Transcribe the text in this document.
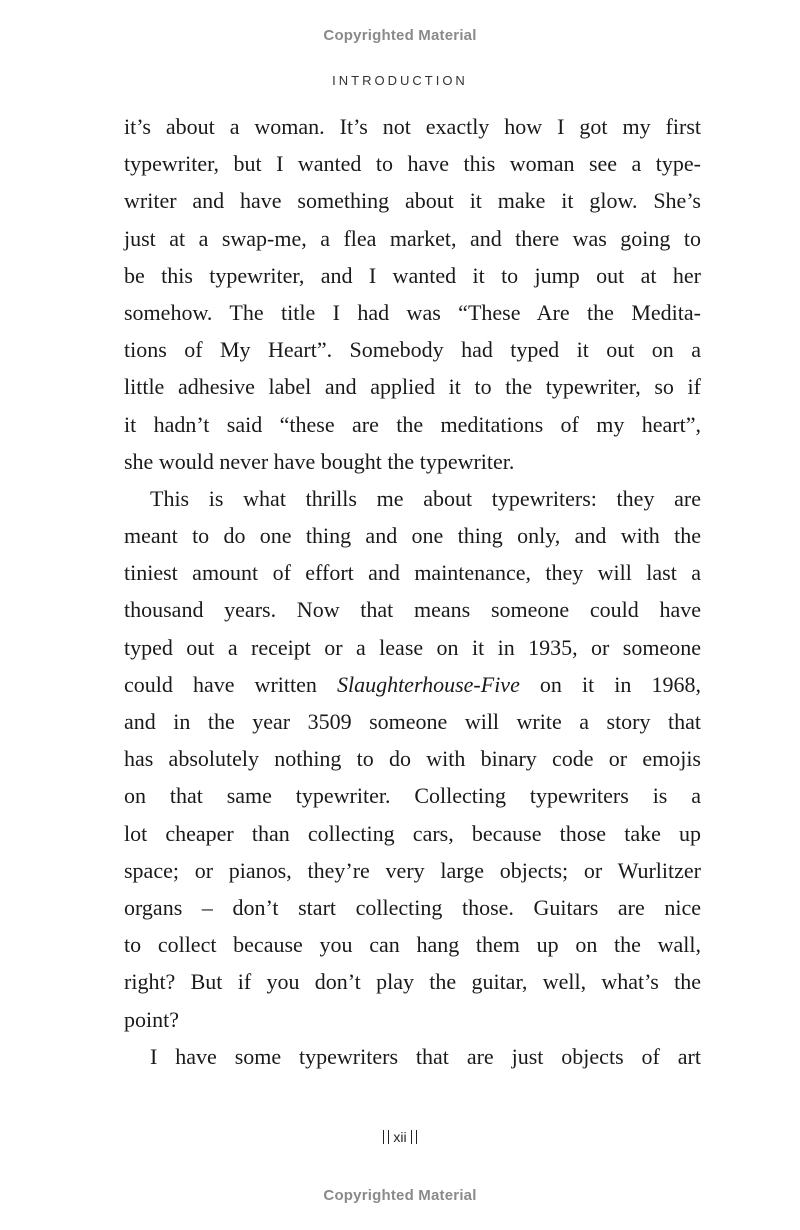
Copyrighted Material
INTRODUCTION
it’s about a woman. It’s not exactly how I got my first
typewriter, but I wanted to have this woman see a type-
writer and have something about it make it glow. She’s
just at a swap-me, a flea market, and there was going to
be this typewriter, and I wanted it to jump out at her
somehow. The title I had was “These Are the Medita-
tions of My Heart”. Somebody had typed it out on a
little adhesive label and applied it to the typewriter, so if
it hadn’t said “these are the meditations of my heart”,
she would never have bought the typewriter.
This is what thrills me about typewriters: they are
meant to do one thing and one thing only, and with the
tiniest amount of effort and maintenance, they will last a
thousand years. Now that means someone could have
typed out a receipt or a lease on it in 1935, or someone
could have written Slaughterhouse-Five on it in 1968,
and in the year 3509 someone will write a story that
has absolutely nothing to do with binary code or emojis
on that same typewriter. Collecting typewriters is a
lot cheaper than collecting cars, because those take up
space; or pianos, they’re very large objects; or Wurlitzer
organs – don’t start collecting those. Guitars are nice
to collect because you can hang them up on the wall,
right? But if you don’t play the guitar, well, what’s the
point?
I have some typewriters that are just objects of art
xii
Copyrighted Material
